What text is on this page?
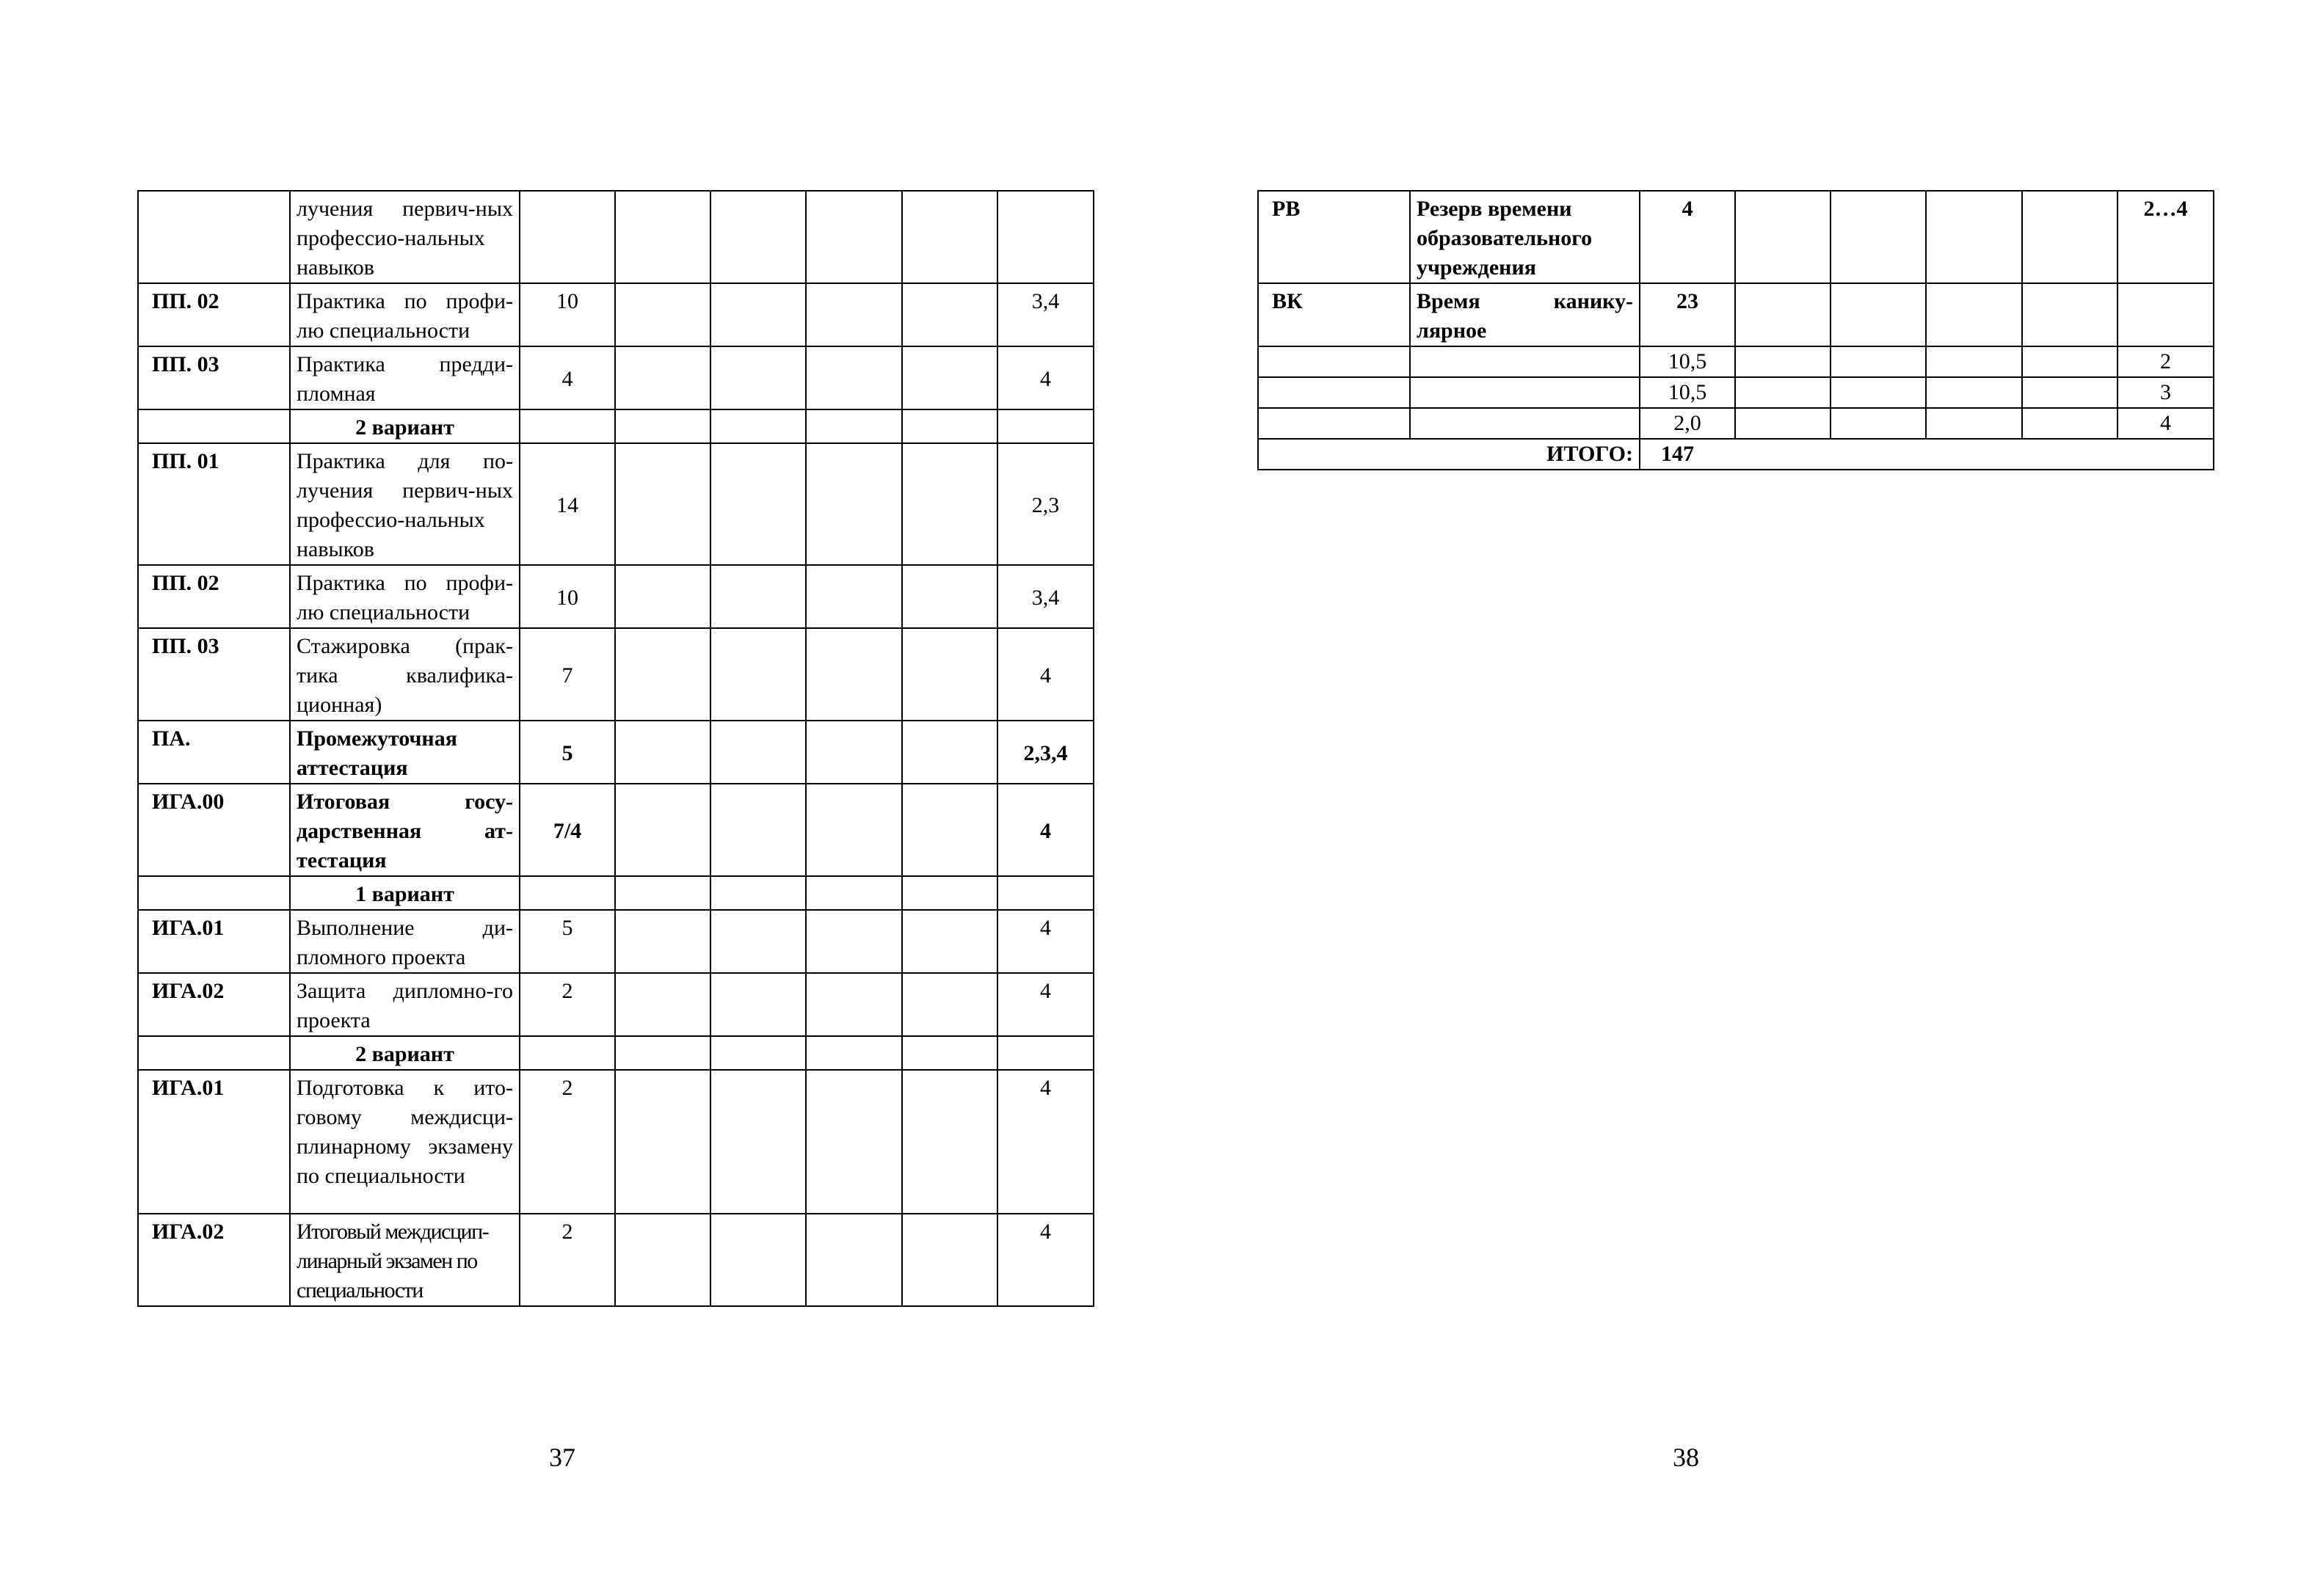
	лучения первич-ных профессио-нальных навыков						
ПП. 02	Практика по профи-лю специальности	10					3,4
ПП. 03	Практика предди-пломная	4					4
	2 вариант						
ПП. 01	Практика для по-лучения первич-ных профессио-нальных навыков	14					2,3
ПП. 02	Практика по профи-лю специальности	10					3,4
ПП. 03	Стажировка (прак-тика квалифика-ционная)	7					4
ПА.	Промежуточная аттестация	5					2,3,4
ИГА.00	Итоговая госу-дарственная ат-тестация	7/4					4
	1 вариант						
ИГА.01	Выполнение ди-пломного проекта	5					4
ИГА.02	Защита дипломно-го проекта	2					4
	2 вариант						
ИГА.01	Подготовка к ито-говому междисци-плинарному экзамену по специальности	2					4
ИГА.02	Итоговый междисцип-линарный экзамен по специальности	2					4
РВ	Резерв времени образовательного учреждения	4					2…4
ВК	Время канику-лярное	23					
		10,5					2
		10,5					3
		2,0					4
ИТОГО:		147					
37	38
